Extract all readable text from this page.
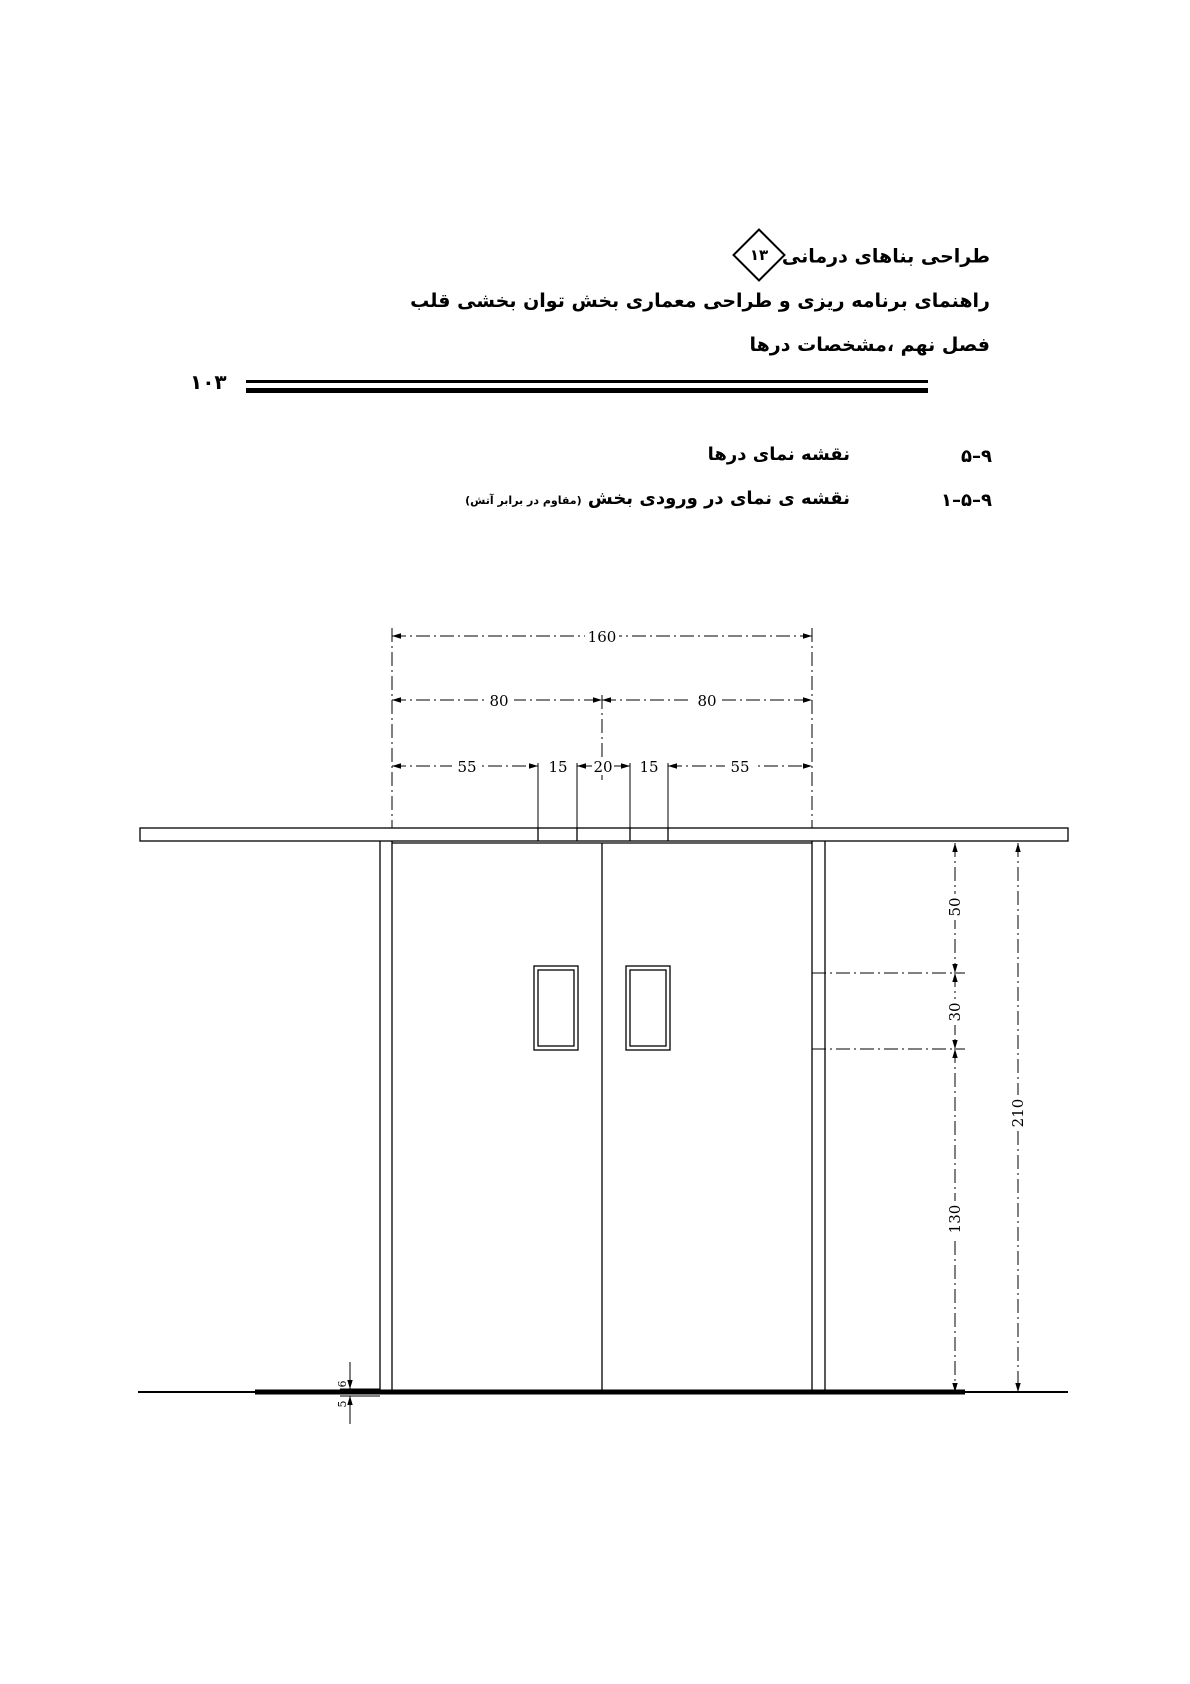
طراحی بناهای درمانی
۱۳
راهنمای برنامه ریزی و طراحی معماری بخش توان بخشی قلب
فصل نهم ،مشخصات درها
۱۰۳
۹–۵
نقشه نمای درها
۹–۵–۱
نقشه ی نمای در ورودی بخش (مقاوم در برابر آتش)
160
80	80
55	15 20 15	55
50
30
130
210
6
5
